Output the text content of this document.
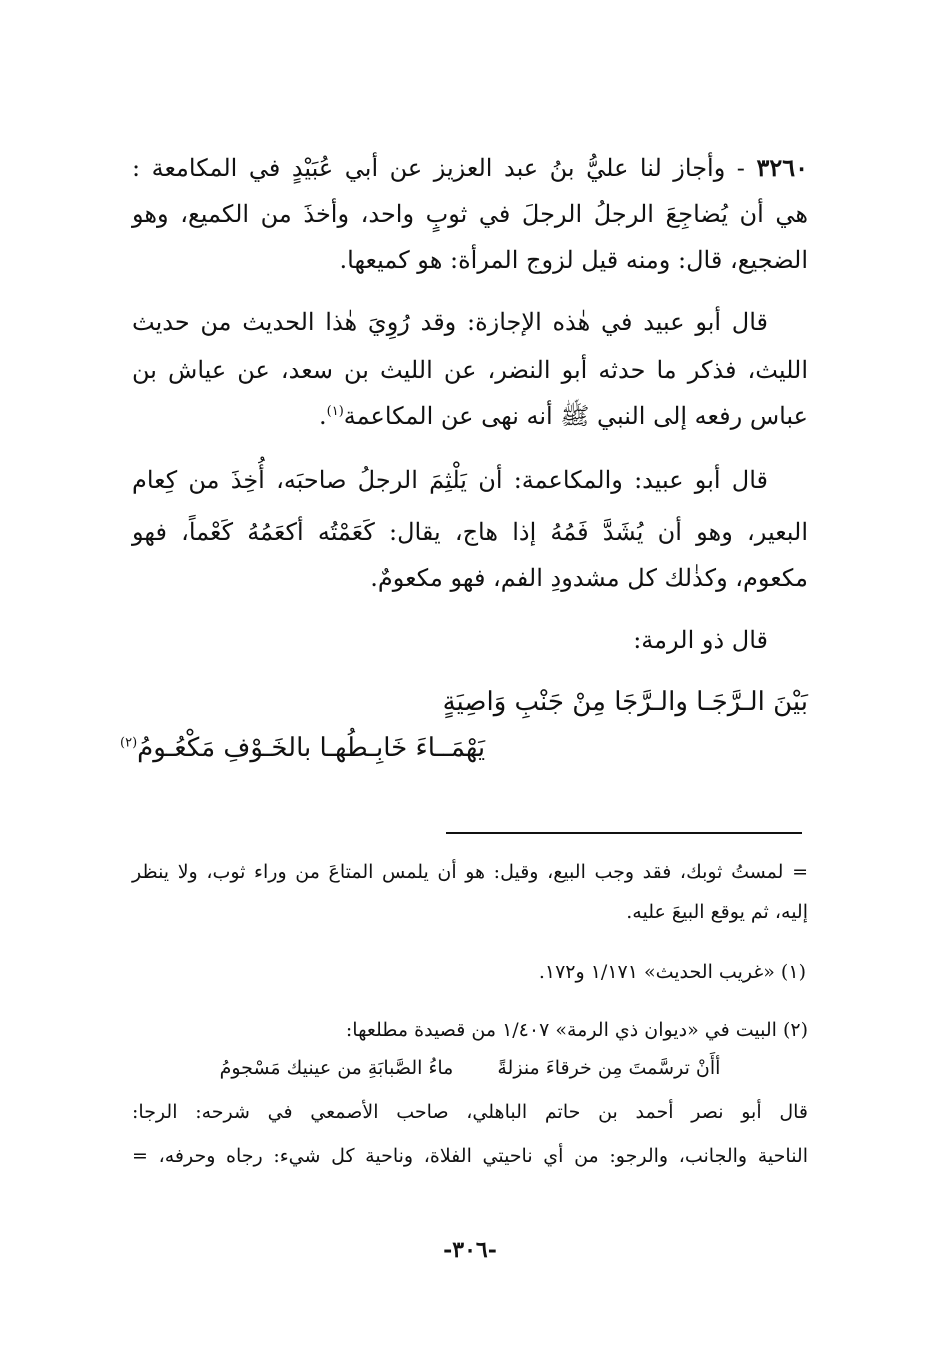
٣٢٦٠ - وأجاز لنا عليُّ بنُ عبد العزيز عن أبي عُبَيْدٍ في المكامعة :
هي أن يُضاجِعَ الرجلُ الرجلَ في ثوبٍ واحد، وأخذَ من الكميع، وهو
الضجيع، قال: ومنه قيل لزوج المرأة: هو كميعها.
قال أبو عبيد في هٰذه الإجازة: وقد رُوِيَ هٰذا الحديث من حديث
الليث، فذكر ما حدثه أبو النضر، عن الليث بن سعد، عن عياش بن
عباس رفعه إلى النبي ﷺ أنه نهى عن المكاعمة$^{(١)}$.
قال أبو عبيد: والمكاعمة: أن يَلْثِمَ الرجلُ صاحبَه، أُخِذَ من كِعام
البعير، وهو أن يُشَدَّ فَمُهُ إذا هاج، يقال: كَعَمْتُه أكعَمُهُ كَعْماً، فهو
مكعوم، وكذٰلك كل مشدودِ الفم، فهو مكعومٌ.
قال ذو الرمة:
بَيْنَ الـرَّجَـا والـرَّجَا مِنْ جَنْبِ وَاصِيَةٍ
يَهْمَــاءَ خَابِـطُهـا بالخَـوْفِ مَكْعُـومُ$^{(٢)}$
= لمستُ ثوبك، فقد وجب البيع، وقيل: هو أن يلمس المتاعَ من وراء ثوب، ولا ينظر
إليه، ثم يوقع البيعَ عليه.
(١) «غريب الحديث» ١/١٧١ و١٧٢.
(٢) البيت في «ديوان ذي الرمة» ١/٤٠٧ من قصيدة مطلعها:
أأَنْ ترسَّمتَ مِن خرقاءَ منزلةًماءُ الصَّبابَةِ من عينيك مَسْجومُ
قال أبو نصر أحمد بن حاتم الباهلي، صاحب الأصمعي في شرحه: الرجا:
الناحية والجانب، والرجو: من أي ناحيتي الفلاة، وناحية كل شيء: رجاه وحرفه، =
-٣٠٦-
